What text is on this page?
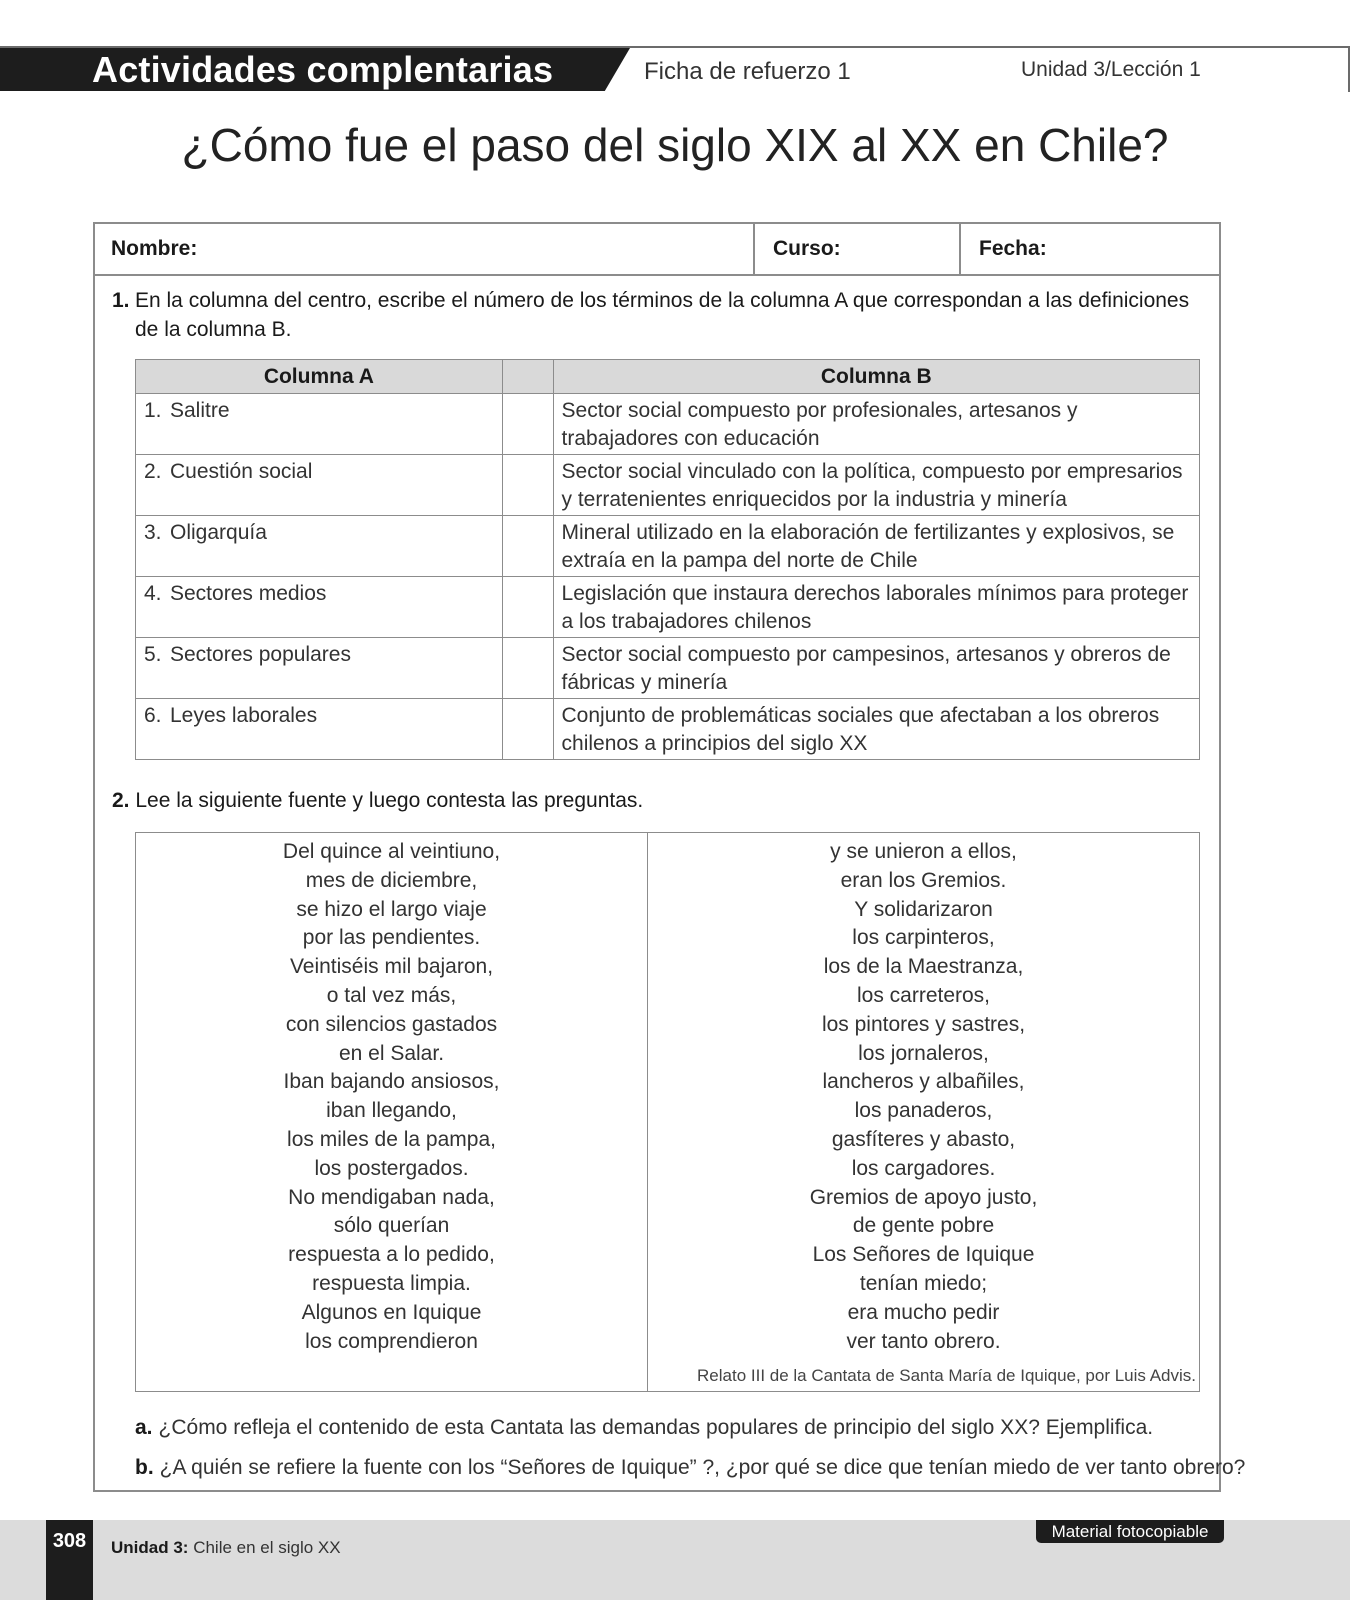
Actividades complentarias	Ficha de refuerzo 1	Unidad 3/Lección 1
¿Cómo fue el paso del siglo XIX al XX en Chile?
Nombre:	Curso:	Fecha:
1. En la columna del centro, escribe el número de los términos de la columna A que correspondan a las definiciones de la columna B.
Columna A		Columna B
1. Salitre		Sector social compuesto por profesionales, artesanos y trabajadores con educación
2. Cuestión social		Sector social vinculado con la política, compuesto por empresarios y terratenientes enriquecidos por la industria y minería
3. Oligarquía		Mineral utilizado en la elaboración de fertilizantes y explosivos, se extraía en la pampa del norte de Chile
4. Sectores medios		Legislación que instaura derechos laborales mínimos para proteger a los trabajadores chilenos
5. Sectores populares		Sector social compuesto por campesinos, artesanos y obreros de fábricas y minería
6. Leyes laborales		Conjunto de problemáticas sociales que afectaban a los obreros chilenos a principios del siglo XX
2. Lee la siguiente fuente y luego contesta las preguntas.
Del quince al veintiuno,
mes de diciembre,
se hizo el largo viaje
por las pendientes.
Veintiséis mil bajaron,
o tal vez más,
con silencios gastados
en el Salar.
Iban bajando ansiosos,
iban llegando,
los miles de la pampa,
los postergados.
No mendigaban nada,
sólo querían
respuesta a lo pedido,
respuesta limpia.
Algunos en Iquique
los comprendieron
y se unieron a ellos,
eran los Gremios.
Y solidarizaron
los carpinteros,
los de la Maestranza,
los carreteros,
los pintores y sastres,
los jornaleros,
lancheros y albañiles,
los panaderos,
gasfíteres y abasto,
los cargadores.
Gremios de apoyo justo,
de gente pobre
Los Señores de Iquique
tenían miedo;
era mucho pedir
ver tanto obrero.
Relato III de la Cantata de Santa María de Iquique, por Luis Advis.
a. ¿Cómo refleja el contenido de esta Cantata las demandas populares de principio del siglo XX? Ejemplifica.
b. ¿A quién se refiere la fuente con los “Señores de Iquique” ?, ¿por qué se dice que tenían miedo de ver tanto obrero?
308	Unidad 3: Chile en el siglo XX
Material fotocopiable
